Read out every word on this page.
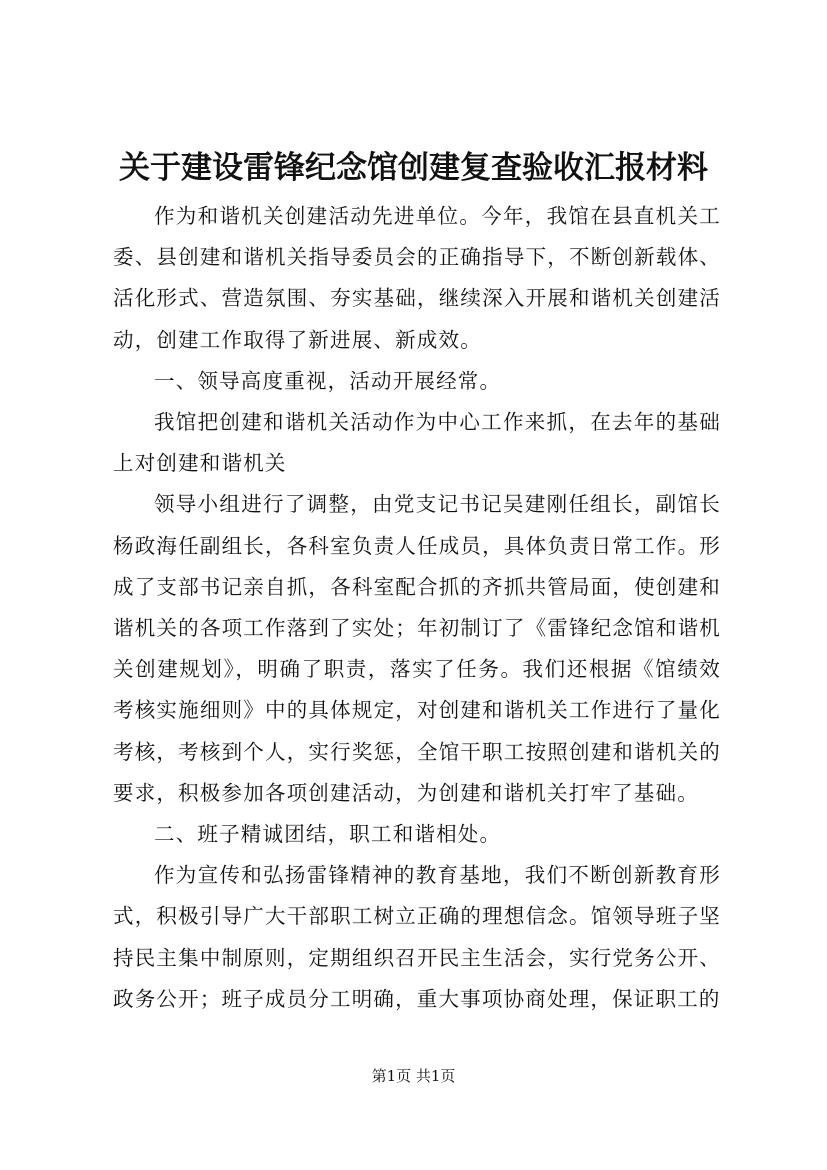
关于建设雷锋纪念馆创建复查验收汇报材料

作为和谐机关创建活动先进单位。今年，我馆在县直机关工委、县创建和谐机关指导委员会的正确指导下，不断创新载体、活化形式、营造氛围、夯实基础，继续深入开展和谐机关创建活动，创建工作取得了新进展、新成效。

一、领导高度重视，活动开展经常。

我馆把创建和谐机关活动作为中心工作来抓，在去年的基础上对创建和谐机关

领导小组进行了调整，由党支记书记吴建刚任组长，副馆长杨政海任副组长，各科室负责人任成员，具体负责日常工作。形成了支部书记亲自抓，各科室配合抓的齐抓共管局面，使创建和谐机关的各项工作落到了实处；年初制订了《雷锋纪念馆和谐机关创建规划》，明确了职责，落实了任务。我们还根据《馆绩效考核实施细则》中的具体规定，对创建和谐机关工作进行了量化考核，考核到个人，实行奖惩，全馆干职工按照创建和谐机关的要求，积极参加各项创建活动，为创建和谐机关打牢了基础。

二、班子精诚团结，职工和谐相处。

作为宣传和弘扬雷锋精神的教育基地，我们不断创新教育形式，积极引导广大干部职工树立正确的理想信念。馆领导班子坚持民主集中制原则，定期组织召开民主生活会，实行党务公开、政务公开；班子成员分工明确，重大事项协商处理，保证职工的

第1页 共1页
